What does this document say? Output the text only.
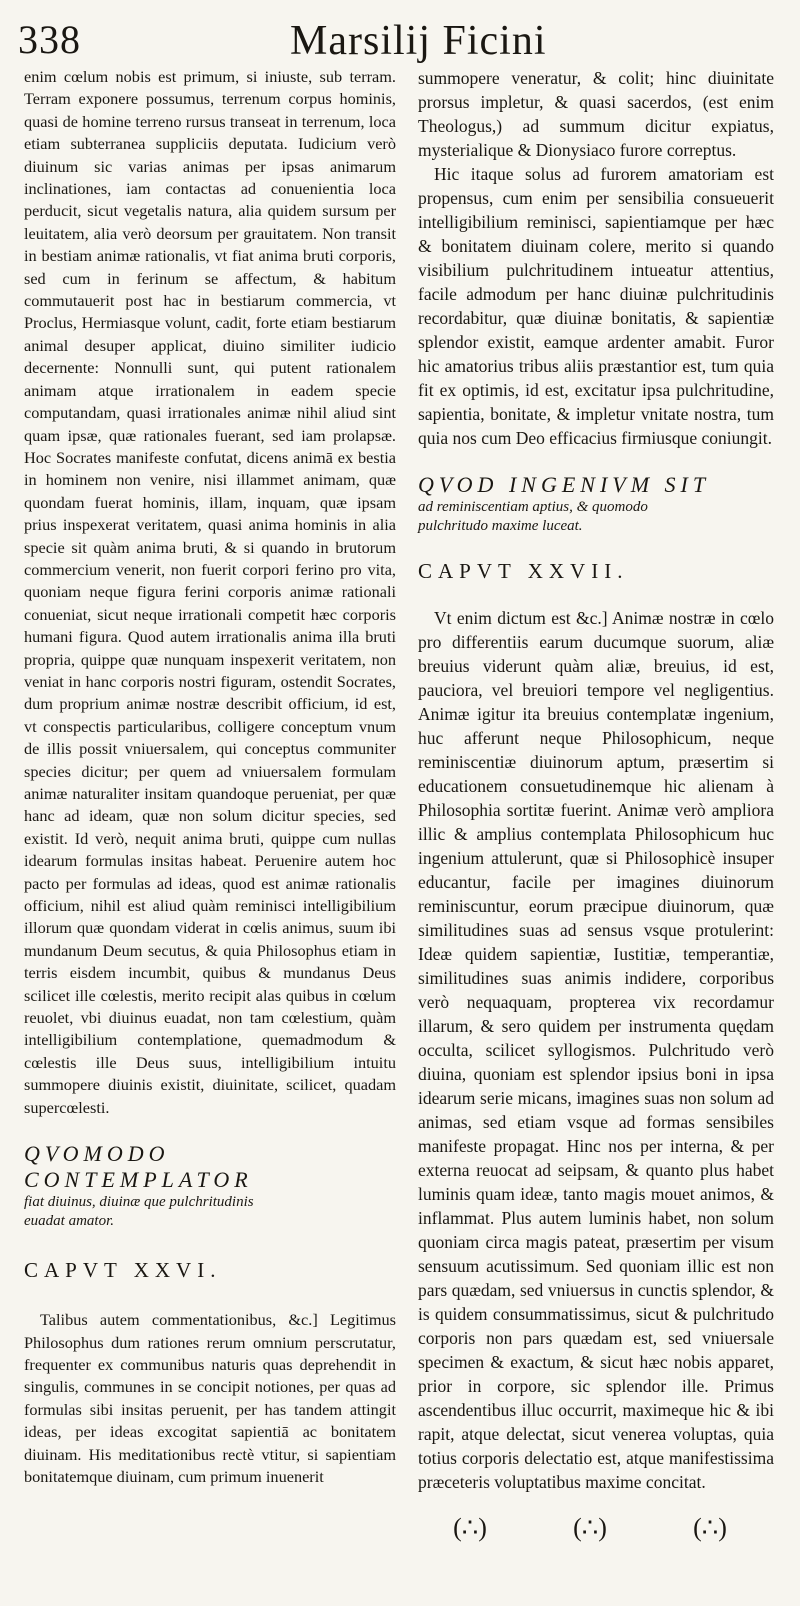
338	Marsilij Ficini

enim cœlum nobis est primum, si iniuste, sub terram. Terram exponere possumus, terrenum corpus hominis, quasi de homine terreno rursus transeat in terrenum, loca etiam subterranea suppliciis deputata. Iudicium verò diuinum sic varias animas per ipsas animarum inclinationes, iam contactas ad conuenientia loca perducit, sicut vegetalis natura, alia quidem sursum per leuitatem, alia verò deorsum per grauitatem. Non transit in bestiam animæ rationalis, vt fiat anima bruti corporis, sed cum in ferinum se affectum, & habitum commutauerit post hac in bestiarum commercia, vt Proclus, Hermiasque volunt, cadit, forte etiam bestiarum animal desuper applicat, diuino similiter iudicio decernente: Nonnulli sunt, qui putent rationalem animam atque irrationalem in eadem specie computandam, quasi irrationales animæ nihil aliud sint quam ipsæ, quæ rationales fuerant, sed iam prolapsæ. Hoc Socrates manifeste confutat, dicens animā ex bestia in hominem non venire, nisi illammet animam, quæ quondam fuerat hominis, illam, inquam, quæ ipsam prius inspexerat veritatem, quasi anima hominis in alia specie sit quàm anima bruti, & si quando in brutorum commercium venerit, non fuerit corpori ferino pro vita, quoniam neque figura ferini corporis animæ rationali conueniat, sicut neque irrationali competit hæc corporis humani figura. Quod autem irrationalis anima illa bruti propria, quippe quæ nunquam inspexerit veritatem, non veniat in hanc corporis nostri figuram, ostendit Socrates, dum proprium animæ nostræ describit officium, id est, vt conspectis particularibus, colligere conceptum vnum de illis possit vniuersalem, qui conceptus communiter species dicitur; per quem ad vniuersalem formulam animæ naturaliter insitam quandoque perueniat, per quæ hanc ad ideam, quæ non solum dicitur species, sed existit. Id verò, nequit anima bruti, quippe cum nullas idearum formulas insitas habeat. Peruenire autem hoc pacto per formulas ad ideas, quod est animæ rationalis officium, nihil est aliud quàm reminisci intelligibilium illorum quæ quondam viderat in cœlis animus, suum ibi mundanum Deum secutus, & quia Philosophus etiam in terris eisdem incumbit, quibus & mundanus Deus scilicet ille cœlestis, merito recipit alas quibus in cœlum reuolet, vbi diuinus euadat, non tam cœlestium, quàm intelligibilium contemplatione, quemadmodum & cœlestis ille Deus suus, intelligibilium intuitu summopere diuinis existit, diuinitate, scilicet, quadam supercœlesti.

QVOMODO CONTEMPLATOR

fiat diuinus, diuinæ que pulchritudinis

euadat amator.

CAPVT XXVI.

Talibus autem commentationibus, &c.] Legitimus Philosophus dum rationes rerum omnium perscrutatur, frequenter ex communibus naturis quas deprehendit in singulis, communes in se concipit notiones, per quas ad formulas sibi insitas peruenit, per has tandem attingit ideas, per ideas excogitat sapientiā ac bonitatem diuinam. His meditationibus rectè vtitur, si sapientiam bonitatemque diuinam, cum primum inuenerit

summopere veneratur, & colit; hinc diuinitate prorsus impletur, & quasi sacerdos, (est enim Theologus,) ad summum dicitur expiatus, mysterialique & Dionysiaco furore correptus.

Hic itaque solus ad furorem amatoriam est propensus, cum enim per sensibilia consueuerit intelligibilium reminisci, sapientiamque per hæc & bonitatem diuinam colere, merito si quando visibilium pulchritudinem intueatur attentius, facile admodum per hanc diuinæ pulchritudinis recordabitur, quæ diuinæ bonitatis, & sapientiæ splendor existit, eamque ardenter amabit. Furor hic amatorius tribus aliis præstantior est, tum quia fit ex optimis, id est, excitatur ipsa pulchritudine, sapientia, bonitate, & impletur vnitate nostra, tum quia nos cum Deo efficacius firmiusque coniungit.

QVOD INGENIVM SIT

ad reminiscentiam aptius, & quomodo

pulchritudo maxime luceat.

CAPVT XXVII.

Vt enim dictum est &c.] Animæ nostræ in cœlo pro differentiis earum ducumque suorum, aliæ breuius viderunt quàm aliæ, breuius, id est, pauciora, vel breuiori tempore vel negligentius. Animæ igitur ita breuius contemplatæ ingenium, huc afferunt neque Philosophicum, neque reminiscentiæ diuinorum aptum, præsertim si educationem consuetudinemque hic alienam à Philosophia sortitæ fuerint. Animæ verò ampliora illic & amplius contemplata Philosophicum huc ingenium attulerunt, quæ si Philosophicè insuper educantur, facile per imagines diuinorum reminiscuntur, eorum præcipue diuinorum, quæ similitudines suas ad sensus vsque protulerint: Ideæ quidem sapientiæ, Iustitiæ, temperantiæ, similitudines suas animis indidere, corporibus verò nequaquam, propterea vix recordamur illarum, & sero quidem per instrumenta quędam occulta, scilicet syllogismos. Pulchritudo verò diuina, quoniam est splendor ipsius boni in ipsa idearum serie micans, imagines suas non solum ad animas, sed etiam vsque ad formas sensibiles manifeste propagat. Hinc nos per interna, & per externa reuocat ad seipsam, & quanto plus habet luminis quam ideæ, tanto magis mouet animos, & inflammat. Plus autem luminis habet, non solum quoniam circa magis pateat, præsertim per visum sensuum acutissimum. Sed quoniam illic est non pars quædam, sed vniuersus in cunctis splendor, & is quidem consummatissimus, sicut & pulchritudo corporis non pars quædam est, sed vniuersale specimen & exactum, & sicut hæc nobis apparet, prior in corpore, sic splendor ille. Primus ascendentibus illuc occurrit, maximeque hic & ibi rapit, atque delectat, sicut venerea voluptas, quia totius corporis delectatio est, atque manifestissima præceteris voluptatibus maxime concitat.

(∴)	(∴)	(∴)
